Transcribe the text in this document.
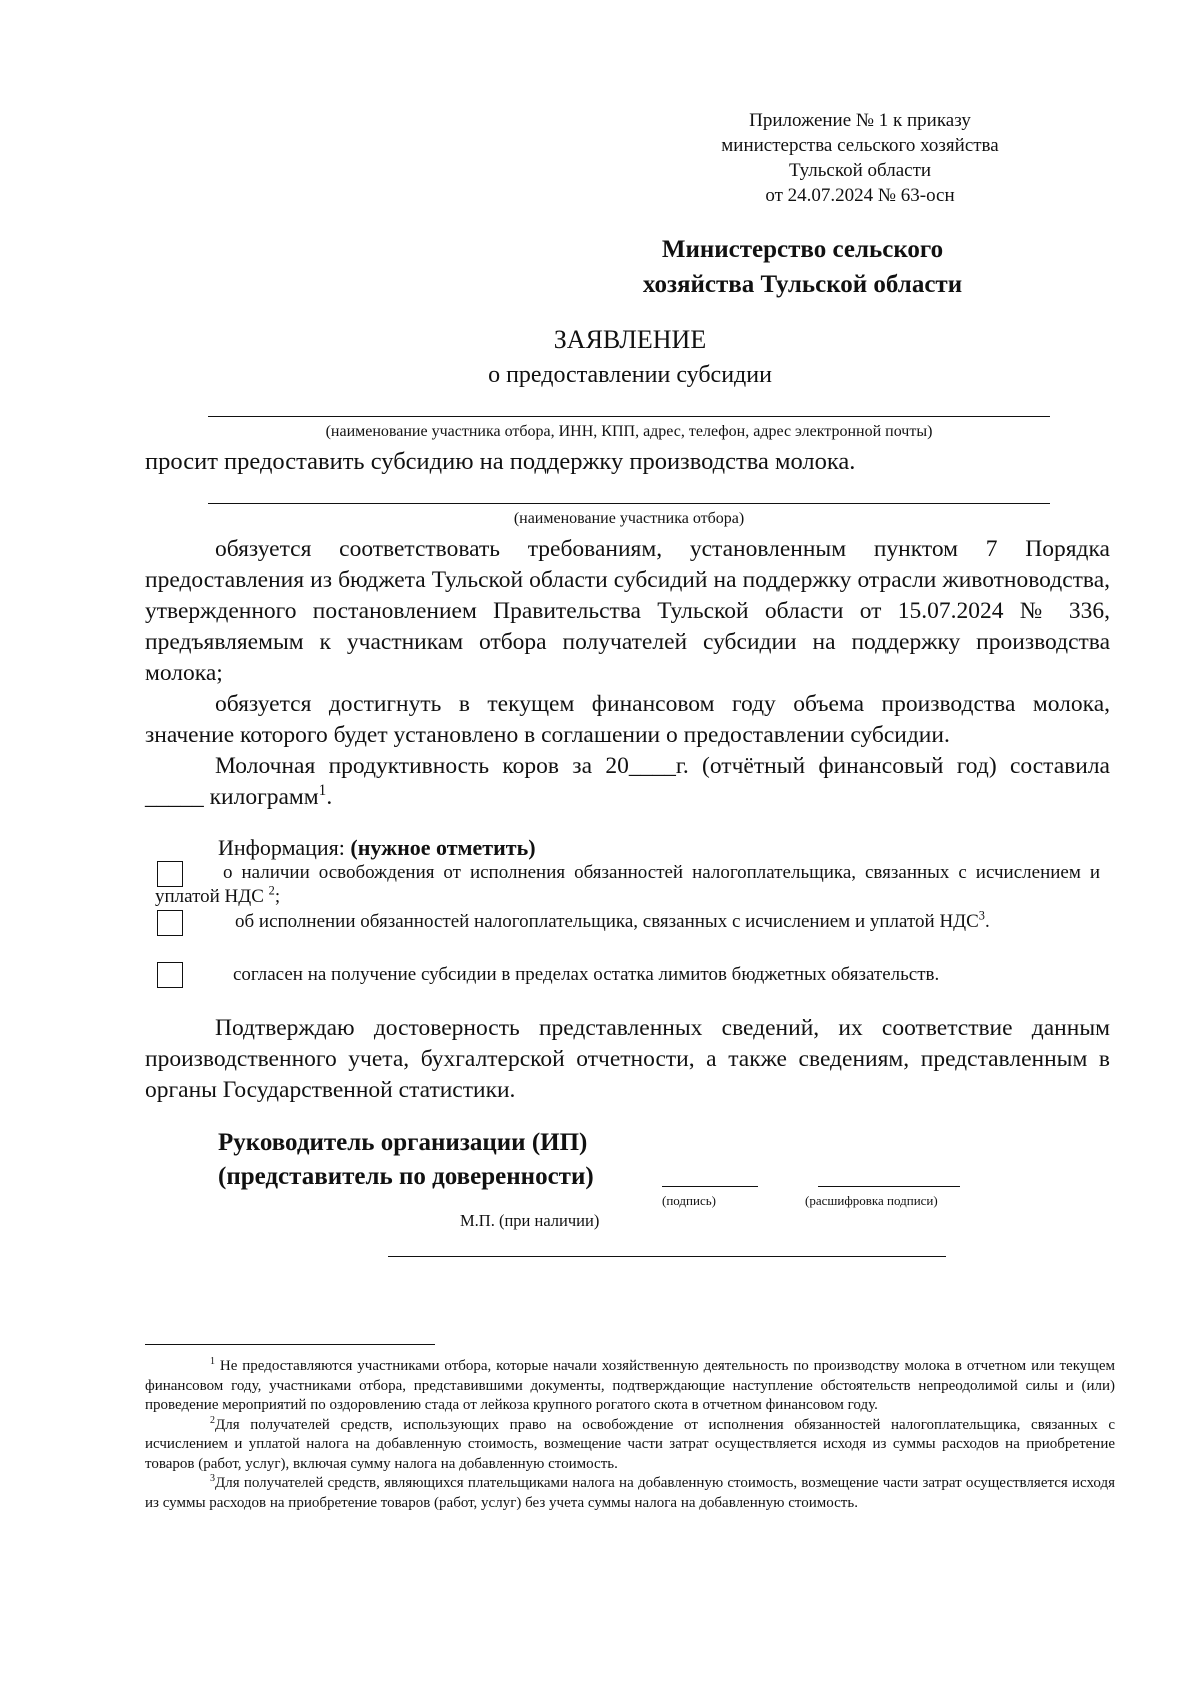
Приложение № 1 к приказу
министерства сельского хозяйства
Тульской области
от 24.07.2024 № 63-осн
Министерство сельского
хозяйства Тульской области
ЗАЯВЛЕНИЕ
о предоставлении субсидии
(наименование участника отбора, ИНН, КПП, адрес, телефон, адрес электронной почты)
просит предоставить субсидию на поддержку производства молока.
(наименование участника отбора)

обязуется соответствовать требованиям, установленным пунктом 7 Порядка предоставления из бюджета Тульской области субсидий на поддержку отрасли животноводства, утвержденного постановлением Правительства Тульской области от 15.07.2024 № 336, предъявляемым к участникам отбора получателей субсидии на поддержку производства молока;

обязуется достигнуть в текущем финансовом году объема производства молока, значение которого будет установлено в соглашении о предоставлении субсидии.

Молочная продуктивность коров за 20____г. (отчётный финансовый год) составила _____ килограмм$^1$.

Информация: (нужное отметить)
о наличии освобождения от исполнения обязанностей налогоплательщика, связанных с исчислением и уплатой НДС $^2$;
об исполнении обязанностей налогоплательщика, связанных с исчислением и уплатой НДС$^3$.
согласен на получение субсидии в пределах остатка лимитов бюджетных обязательств.
Подтверждаю достоверность представленных сведений, их соответствие данным производственного учета, бухгалтерской отчетности, а также сведениям, представленным в органы Государственной статистики.
Руководитель организации (ИП)
(представитель по доверенности)
(подпись)	(расшифровка подписи)
М.П. (при наличии)

$^1$ Не предоставляются участниками отбора, которые начали хозяйственную деятельность по производству молока в отчетном или текущем финансовом году, участниками отбора, представившими документы, подтверждающие наступление обстоятельств непреодолимой силы и (или) проведение мероприятий по оздоровлению стада от лейкоза крупного рогатого скота в отчетном финансовом году.

$^2$Для получателей средств, использующих право на освобождение от исполнения обязанностей налогоплательщика, связанных с исчислением и уплатой налога на добавленную стоимость, возмещение части затрат осуществляется исходя из суммы расходов на приобретение товаров (работ, услуг), включая сумму налога на добавленную стоимость.

$^3$Для получателей средств, являющихся плательщиками налога на добавленную стоимость, возмещение части затрат осуществляется исходя из суммы расходов на приобретение товаров (работ, услуг) без учета суммы налога на добавленную стоимость.
